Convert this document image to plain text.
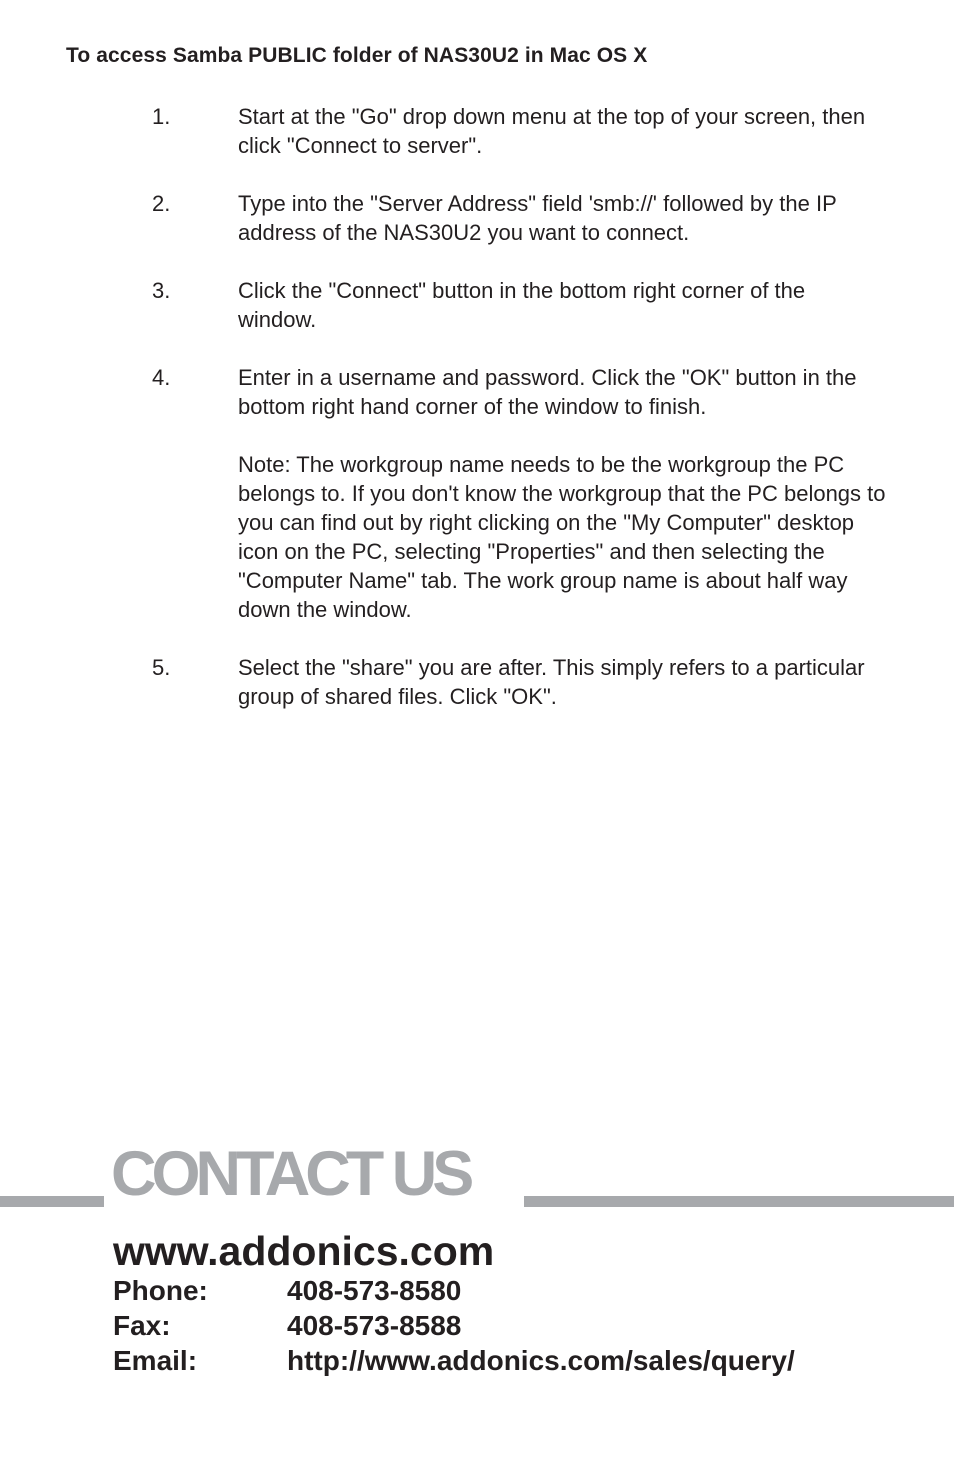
To access Samba PUBLIC folder of NAS30U2 in Mac OS X
1.	Start at the "Go" drop down menu at the top of your screen, then click "Connect to server".
2.	Type into the "Server Address" field 'smb://' followed by the IP address of the NAS30U2 you want to connect.
3.	Click the "Connect" button in the bottom right corner of the window.
4.	Enter in a username and password. Click the "OK" button in the bottom right hand corner of the window to finish.
Note: The workgroup name needs to be the workgroup the PC belongs to. If you don't know the workgroup that the PC belongs to you can find out by right clicking on the "My Computer" desktop icon on the PC, selecting "Properties" and then selecting the "Computer Name" tab. The work group name is about half way down the window.
5.	Select the "share" you are after. This simply refers to a particular group of shared files. Click "OK".
CONTACT US
www.addonics.com
Phone:	408-573-8580
Fax:	408-573-8588
Email:	http://www.addonics.com/sales/query/
